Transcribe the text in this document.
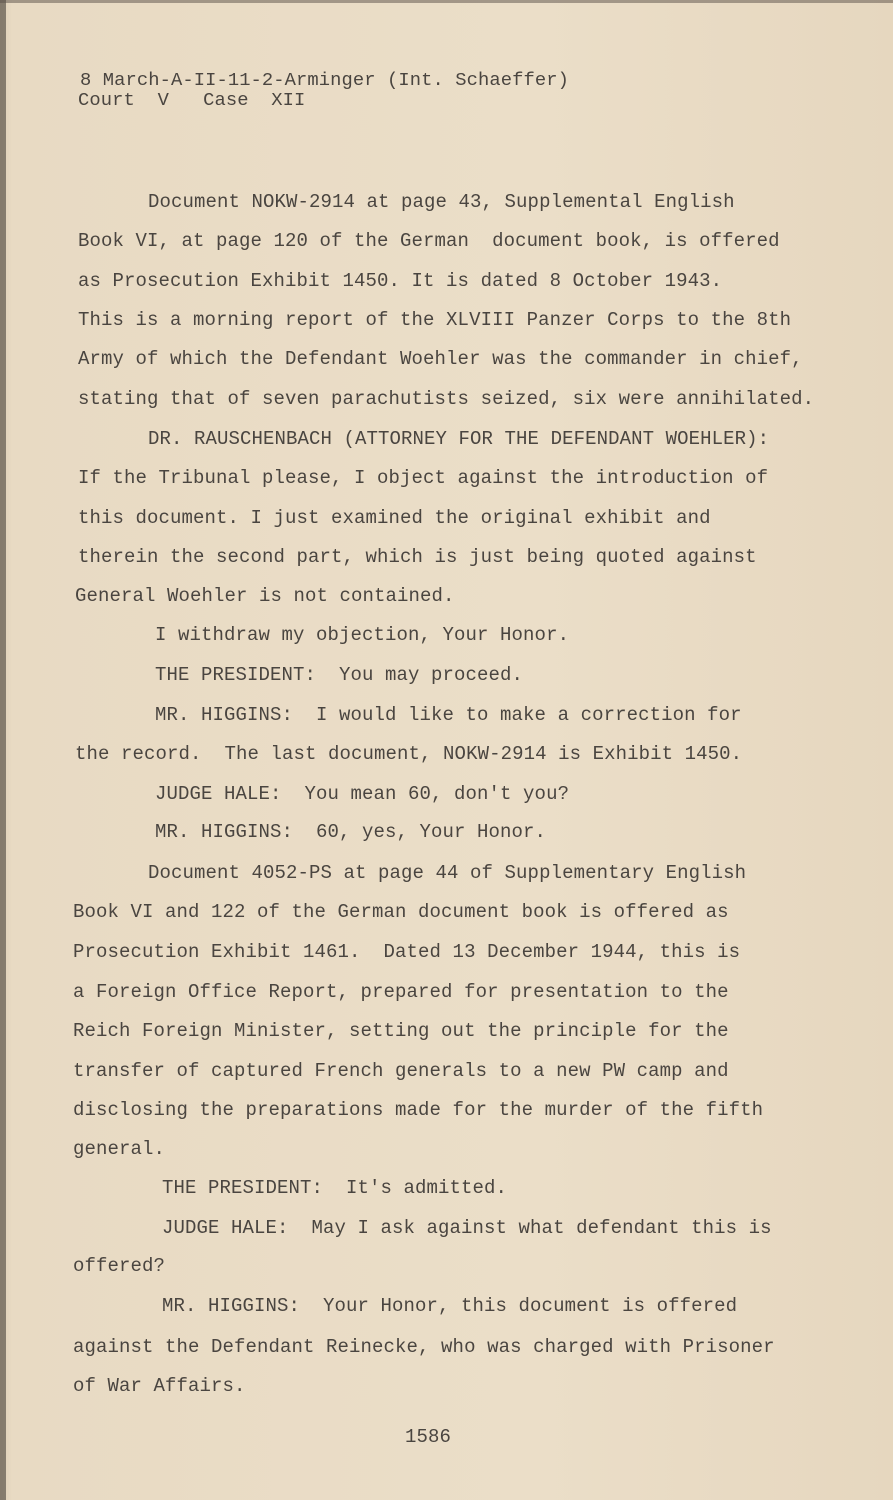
8 March-A-II-11-2-Arminger (Int. Schaeffer)
Court  V   Case  XII
Document NOKW-2914 at page 43, Supplemental English
Book VI, at page 120 of the German  document book, is offered
as Prosecution Exhibit 1450. It is dated 8 October 1943.
This is a morning report of the XLVIII Panzer Corps to the 8th
Army of which the Defendant Woehler was the commander in chief,
stating that of seven parachutists seized, six were annihilated.
DR. RAUSCHENBACH (ATTORNEY FOR THE DEFENDANT WOEHLER):
If the Tribunal please, I object against the introduction of
this document. I just examined the original exhibit and
therein the second part, which is just being quoted against
General Woehler is not contained.
I withdraw my objection, Your Honor.
THE PRESIDENT:  You may proceed.
MR. HIGGINS:  I would like to make a correction for
the record.  The last document, NOKW-2914 is Exhibit 1450.
JUDGE HALE:  You mean 60, don't you?
MR. HIGGINS:  60, yes, Your Honor.
Document 4052-PS at page 44 of Supplementary English
Book VI and 122 of the German document book is offered as
Prosecution Exhibit 1461.  Dated 13 December 1944, this is
a Foreign Office Report, prepared for presentation to the
Reich Foreign Minister, setting out the principle for the
transfer of captured French generals to a new PW camp and
disclosing the preparations made for the murder of the fifth
general.
THE PRESIDENT:  It's admitted.
JUDGE HALE:  May I ask against what defendant this is
offered?
MR. HIGGINS:  Your Honor, this document is offered
against the Defendant Reinecke, who was charged with Prisoner
of War Affairs.
1586
